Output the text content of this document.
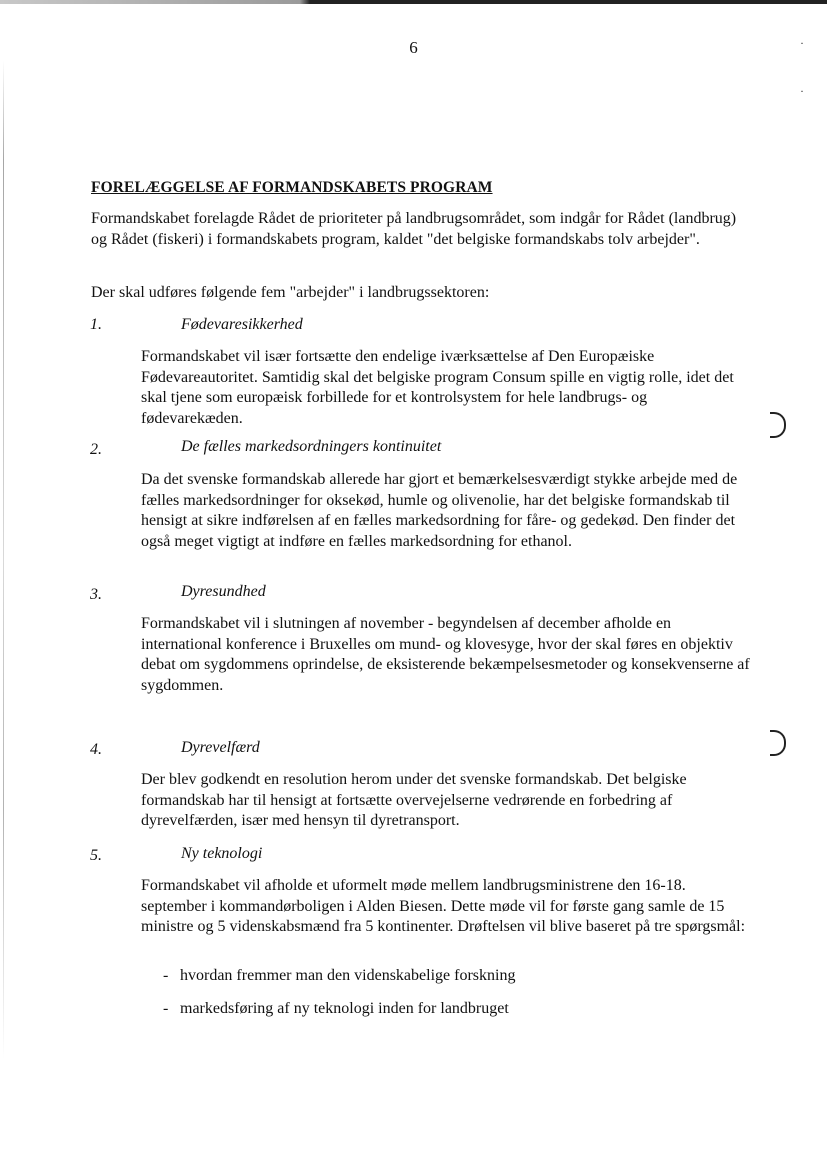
·
·
6
FORELÆGGELSE AF FORMANDSKABETS PROGRAM

Formandskabet forelagde Rådet de prioriteter på landbrugsområdet, som indgår for Rådet (landbrug) og Rådet (fiskeri) i formandskabets program, kaldet "det belgiske formandskabs tolv arbejder".

Der skal udføres følgende fem "arbejder" i landbrugssektoren:

1.	Fødevaresikkerhed

Formandskabet vil især fortsætte den endelige iværksættelse af Den Europæiske Fødevareautoritet. Samtidig skal det belgiske program Consum spille en vigtig rolle, idet det skal tjene som europæisk forbillede for et kontrolsystem for hele landbrugs- og fødevarekæden.

2.	De fælles markedsordningers kontinuitet

Da det svenske formandskab allerede har gjort et bemærkelsesværdigt stykke arbejde med de fælles markedsordninger for oksekød, humle og olivenolie, har det belgiske formandskab til hensigt at sikre indførelsen af en fælles markedsordning for fåre- og gedekød. Den finder det også meget vigtigt at indføre en fælles markedsordning for ethanol.

3.	Dyresundhed

Formandskabet vil i slutningen af november - begyndelsen af december afholde en international konference i Bruxelles om mund- og klovesyge, hvor der skal føres en objektiv debat om sygdommens oprindelse, de eksisterende bekæmpelsesmetoder og konsekvenserne af sygdommen.

4.	Dyrevelfærd

Der blev godkendt en resolution herom under det svenske formandskab. Det belgiske formandskab har til hensigt at fortsætte overvejelserne vedrørende en forbedring af dyrevelfærden, især med hensyn til dyretransport.

5.	Ny teknologi

Formandskabet vil afholde et uformelt møde mellem landbrugsministrene den 16-18. september i kommandørboligen i Alden Biesen. Dette møde vil for første gang samle de 15 ministre og 5 videnskabsmænd fra 5 kontinenter. Drøftelsen vil blive baseret på tre spørgsmål:

- hvordan fremmer man den videnskabelige forskning
- markedsføring af ny teknologi inden for landbruget
